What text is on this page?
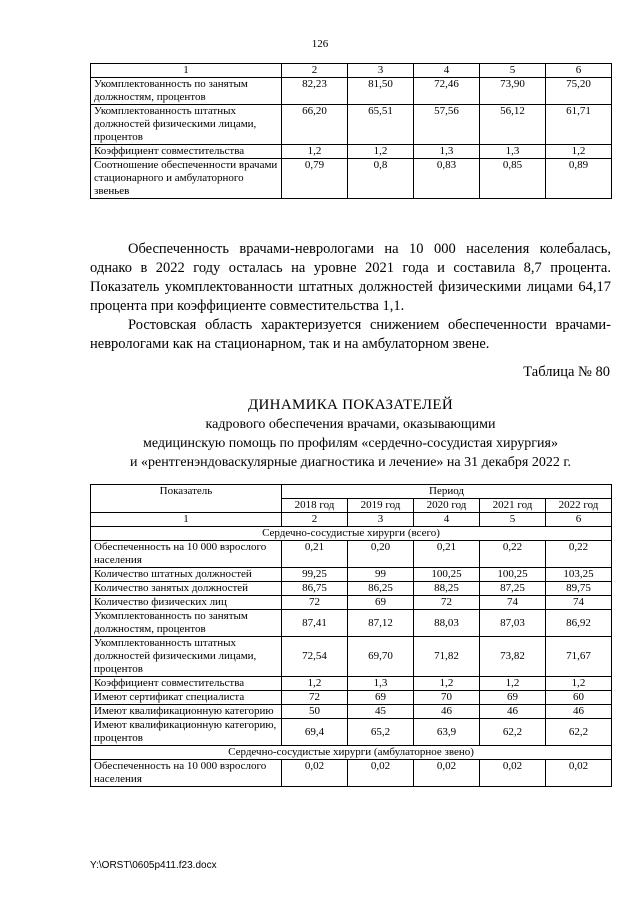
126
1	2	3	4	5	6
Укомплектованность по занятым должностям, процентов	82,23	81,50	72,46	73,90	75,20
Укомплектованность штатных должностей физическими лицами, процентов	66,20	65,51	57,56	56,12	61,71
Коэффициент совместительства	1,2	1,2	1,3	1,3	1,2
Соотношение обеспеченности врачами стационарного и амбулаторного звеньев	0,79	0,8	0,83	0,85	0,89

Обеспеченность врачами-неврологами на 10 000 населения колебалась, однако в 2022 году осталась на уровне 2021 года и составила 8,7 процента. Показатель укомплектованности штатных должностей физическими лицами 64,17 процента при коэффициенте совместительства 1,1.

Ростовская область характеризуется снижением обеспеченности врачами-неврологами как на стационарном, так и на амбулаторном звене.

Таблица № 80
ДИНАМИКА ПОКАЗАТЕЛЕЙ
кадрового обеспечения врачами, оказывающими
медицинскую помощь по профилям «сердечно-сосудистая хирургия»
и «рентгенэндоваскулярные диагностика и лечение» на 31 декабря 2022 г.
Показатель	Период				
	2018 год	2019 год	2020 год	2021 год	2022 год
1	2	3	4	5	6
Сердечно-сосудистые хирурги (всего)					
Обеспеченность на 10 000 взрослого населения	0,21	0,20	0,21	0,22	0,22
Количество штатных должностей	99,25	99	100,25	100,25	103,25
Количество занятых должностей	86,75	86,25	88,25	87,25	89,75
Количество физических лиц	72	69	72	74	74
Укомплектованность по занятым должностям, процентов	87,41	87,12	88,03	87,03	86,92
Укомплектованность штатных должностей физическими лицами, процентов	72,54	69,70	71,82	73,82	71,67
Коэффициент совместительства	1,2	1,3	1,2	1,2	1,2
Имеют сертификат специалиста	72	69	70	69	60
Имеют квалификационную категорию	50	45	46	46	46
Имеют квалификационную категорию, процентов	69,4	65,2	63,9	62,2	62,2
Сердечно-сосудистые хирурги (амбулаторное звено)					
Обеспеченность на 10 000 взрослого населения	0,02	0,02	0,02	0,02	0,02
Y:\ORST\0605p411.f23.docx
